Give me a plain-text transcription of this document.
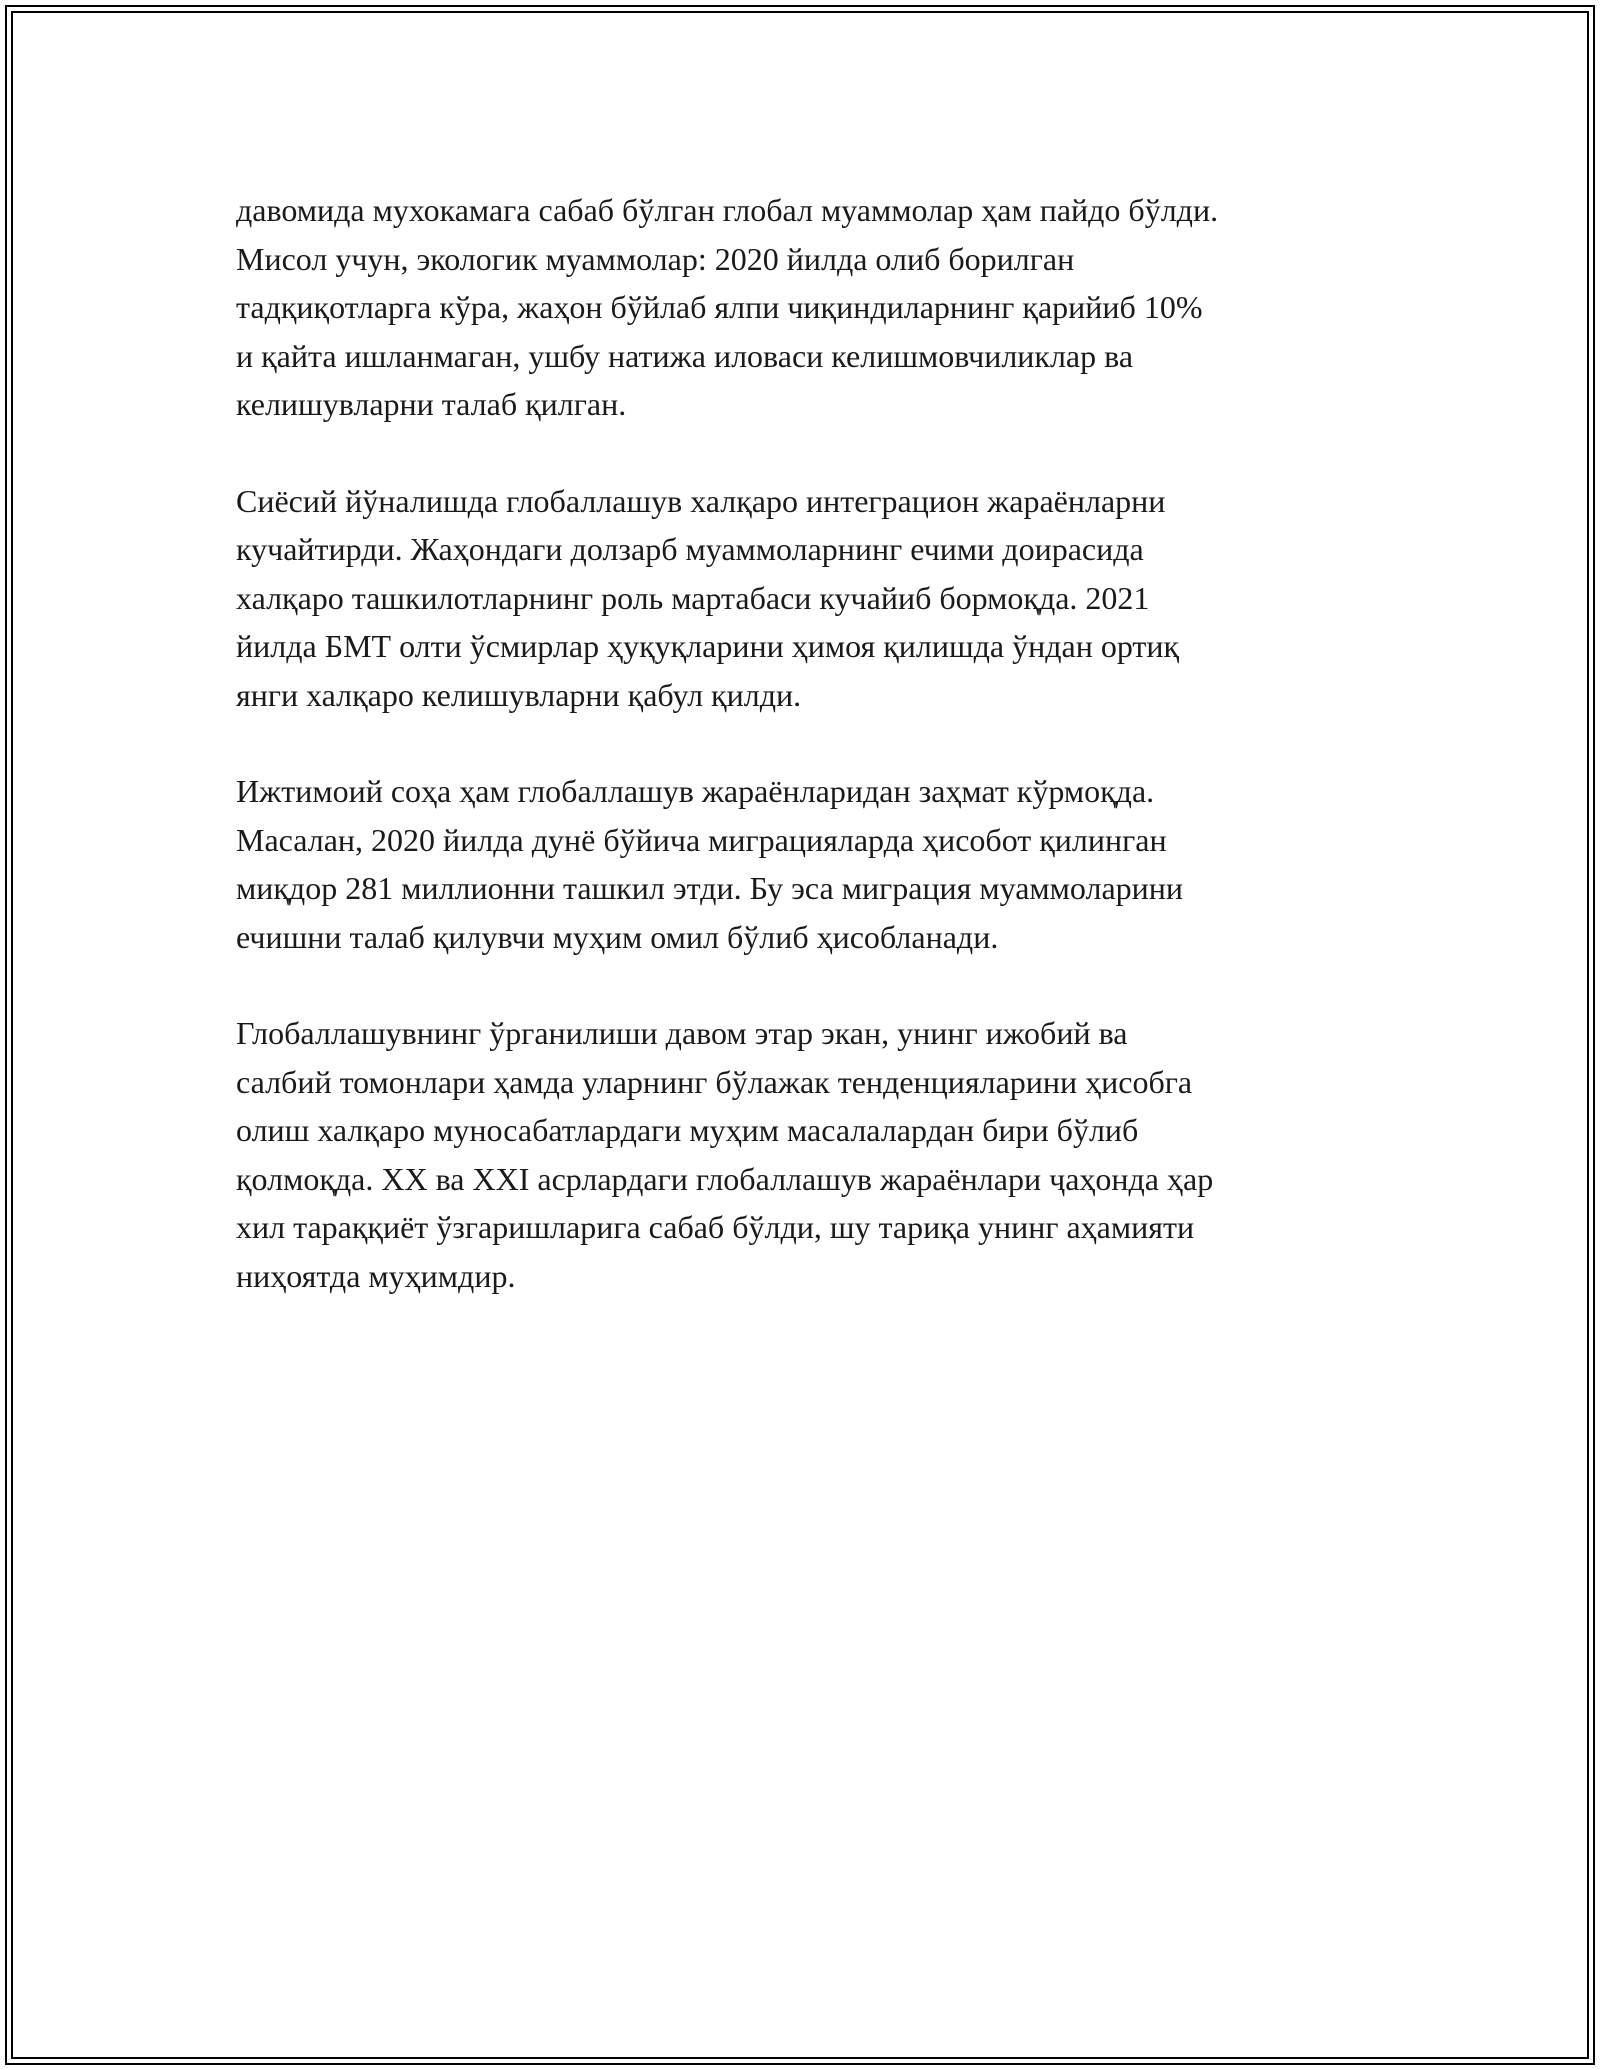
давомида мухокамага сабаб бўлган глобал муаммолар ҳам пайдо бўлди.
Мисол учун, экологик муаммолар: 2020 йилда олиб борилган
тадқиқотларга кўра, жаҳон бўйлаб ялпи чиқиндиларнинг қарийиб 10%
и қайта ишланмаган, ушбу натижа иловаси келишмовчиликлар ва
келишувларни талаб қилган.
Сиёсий йўналишда глобаллашув халқаро интеграцион жараёнларни
кучайтирди. Жаҳондаги долзарб муаммоларнинг ечими доирасида
халқаро ташкилотларнинг роль мартабаси кучайиб бормоқда. 2021
йилда БМТ олти ўсмирлар ҳуқуқларини ҳимоя қилишда ўндан ортиқ
янги халқаро келишувларни қабул қилди.
Ижтимоий соҳа ҳам глобаллашув жараёнларидан заҳмат кўрмоқда.
Масалан, 2020 йилда дунё бўйича миграцияларда ҳисобот қилинган
миқдор 281 миллионни ташкил этди. Бу эса миграция муаммоларини
ечишни талаб қилувчи муҳим омил бўлиб ҳисобланади.
Глобаллашувнинг ўрганилиши давом этар экан, унинг ижобий ва
салбий томонлари ҳамда уларнинг бўлажак тенденцияларини ҳисобга
олиш халқаро муносабатлардаги муҳим масалалардан бири бўлиб
қолмоқда. XX ва XXI асрлардаги глобаллашув жараёнлари ҷаҳонда ҳар
хил тараққиёт ўзгаришларига сабаб бўлди, шу тариқа унинг аҳамияти
ниҳоятда муҳимдир.
